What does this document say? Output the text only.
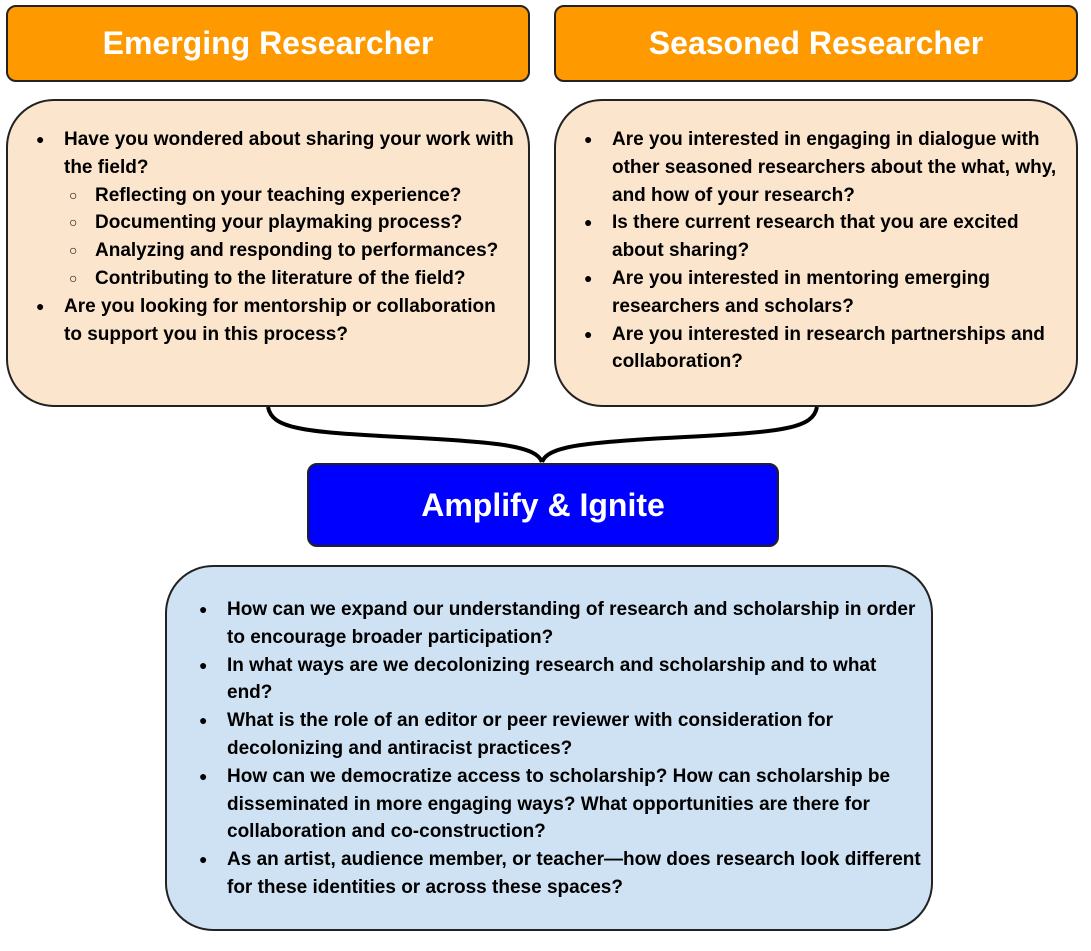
Emerging Researcher	Seasoned Researcher
● Have you wondered about sharing your work with the field?
○ Reflecting on your teaching experience?
○ Documenting your playmaking process?
○ Analyzing and responding to performances?
○ Contributing to the literature of the field?
● Are you looking for mentorship or collaboration to support you in this process?
● Are you interested in engaging in dialogue with other seasoned researchers about the what, why, and how of your research?
● Is there current research that you are excited about sharing?
● Are you interested in mentoring emerging researchers and scholars?
● Are you interested in research partnerships and collaboration?
Amplify & Ignite
● How can we expand our understanding of research and scholarship in order to encourage broader participation?
● In what ways are we decolonizing research and scholarship and to what end?
● What is the role of an editor or peer reviewer with consideration for decolonizing and antiracist practices?
● How can we democratize access to scholarship? How can scholarship be disseminated in more engaging ways? What opportunities are there for collaboration and co-construction?
● As an artist, audience member, or teacher—how does research look different for these identities or across these spaces?
